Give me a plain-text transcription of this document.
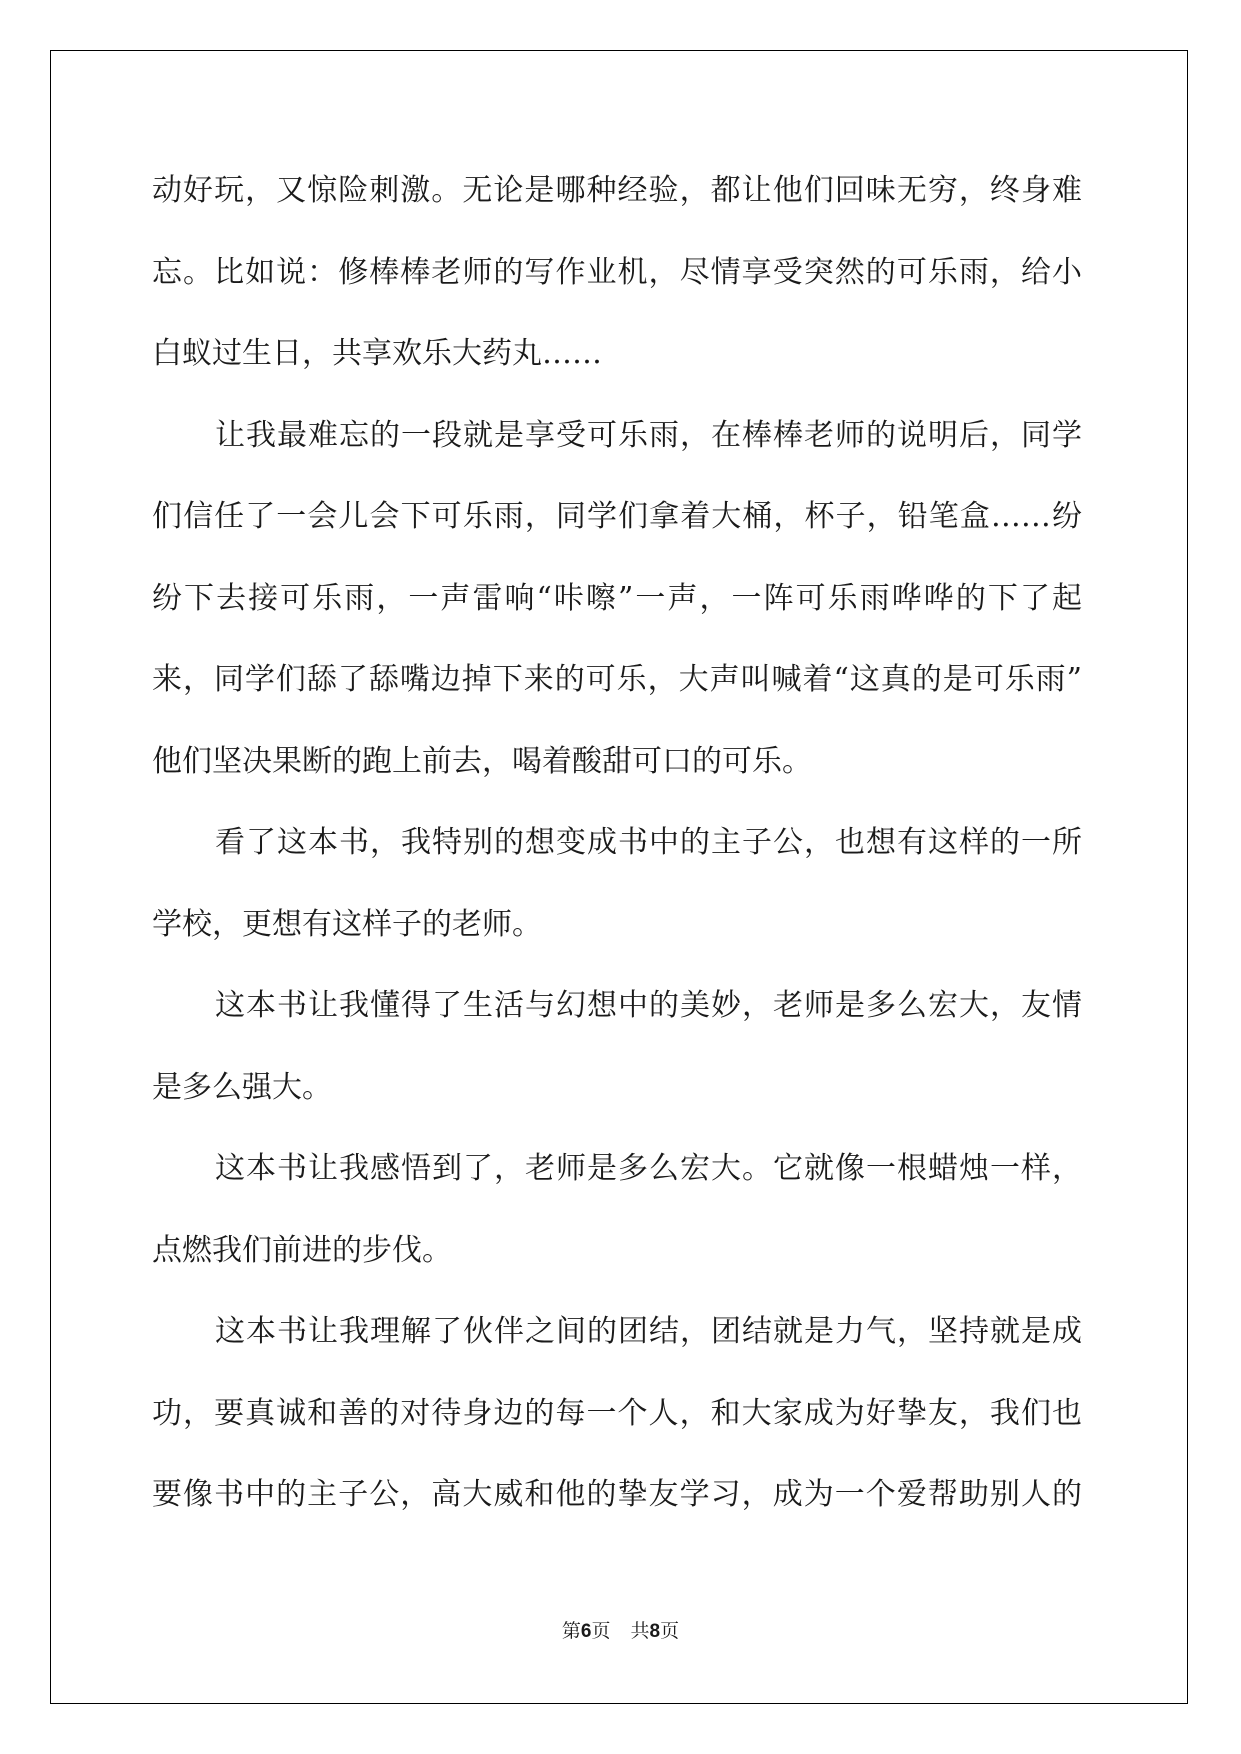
动好玩，又惊险刺激。无论是哪种经验，都让他们回味无穷，终身难
忘。比如说：修棒棒老师的写作业机，尽情享受突然的可乐雨，给小
白蚁过生日，共享欢乐大药丸……
让我最难忘的一段就是享受可乐雨，在棒棒老师的说明后，同学
们信任了一会儿会下可乐雨，同学们拿着大桶，杯子，铅笔盒……纷
纷下去接可乐雨，一声雷响“咔嚓”一声，一阵可乐雨哗哗的下了起
来，同学们舔了舔嘴边掉下来的可乐，大声叫喊着“这真的是可乐雨”
他们坚决果断的跑上前去，喝着酸甜可口的可乐。
看了这本书，我特别的想变成书中的主子公，也想有这样的一所
学校，更想有这样子的老师。
这本书让我懂得了生活与幻想中的美妙，老师是多么宏大，友情
是多么强大。
这本书让我感悟到了，老师是多么宏大。它就像一根蜡烛一样，
点燃我们前进的步伐。
这本书让我理解了伙伴之间的团结，团结就是力气，坚持就是成
功，要真诚和善的对待身边的每一个人，和大家成为好挚友，我们也
要像书中的主子公，高大威和他的挚友学习，成为一个爱帮助别人的
第6页 共8页
